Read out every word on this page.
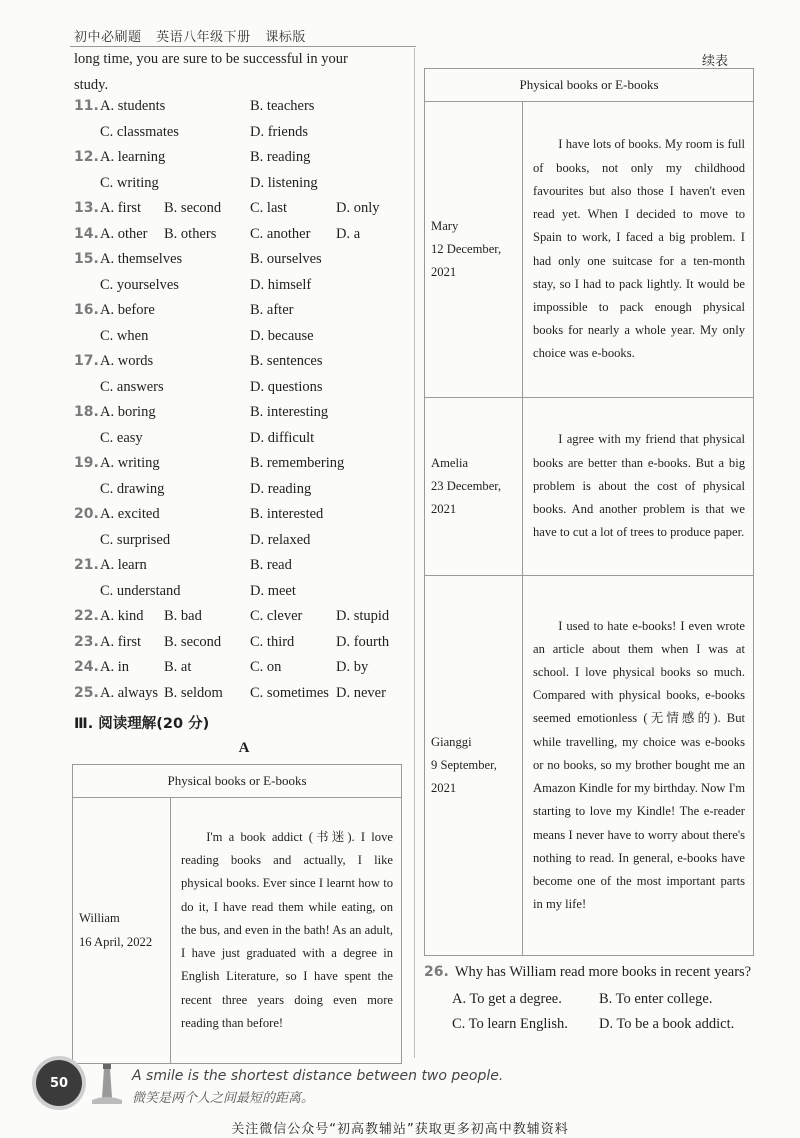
初中必刷题 英语八年级下册 课标版

long time, you are sure to be successful in your

study.

11. A. students	B. teachers
C. classmates	D. friends
12. A. learning	B. reading
C. writing	D. listening
13. A. first B. second C. last	D. only
14. A. other B. others C. another D. a
15. A. themselves	B. ourselves
C. yourselves	D. himself
16. A. before	B. after
C. when	D. because
17. A. words	B. sentences
C. answers	D. questions
18. A. boring	B. interesting
C. easy	D. difficult
19. A. writing	B. remembering
C. drawing	D. reading
20. A. excited	B. interested
C. surprised	D. relaxed
21. A. learn	B. read
C. understand	D. meet
22. A. kind B. bad	C. clever D. stupid
23. A. first B. second C. third	D. fourth
24. A. in B. at	C. on	D. by
25. A. always B. seldom C. sometimes D. never
Ⅲ. 阅读理解(20 分)
A
Physical books or E-books

William
16 April, 2022

I'm a book addict (书迷). I love reading books and actually, I like physical books. Ever since I learnt how to do it, I have read them while eating, on the bus, and even in the bath! As an adult, I have just graduated with a degree in English Literature, so I have spent the recent three years doing even more reading than before!

续表
Physical books or E-books	

Mary
12 December, 2021	I have lots of books. My room is full of books, not only my childhood favourites but also those I haven't even read yet. When I decided to move to Spain to work, I faced a big problem. I had only one suitcase for a ten-month stay, so I had to pack lightly. It would be impossible to pack enough physical books for nearly a whole year. My only choice was e-books.

Amelia
23 December, 2021	I agree with my friend that physical books are better than e-books. But a big problem is about the cost of physical books. And another problem is that we have to cut a lot of trees to produce paper.

Gianggi
9 September, 2021	I used to hate e-books! I even wrote an article about them when I was at school. I love physical books so much. Compared with physical books, e-books seemed emotionless (无情感的). But while travelling, my choice was e-books or no books, so my brother bought me an Amazon Kindle for my birthday. Now I'm starting to love my Kindle! The e-reader means I never have to worry about there's nothing to read. In general, e-books have become one of the most important parts in my life!

26. Why has William read more books in recent years?
A. To get a degree.	B. To enter college.
C. To learn English. D. To be a book addict.
50	A smile is the shortest distance between two people.
微笑是两个人之间最短的距离。
关注微信公众号“初高教辅站”获取更多初高中教辅资料
